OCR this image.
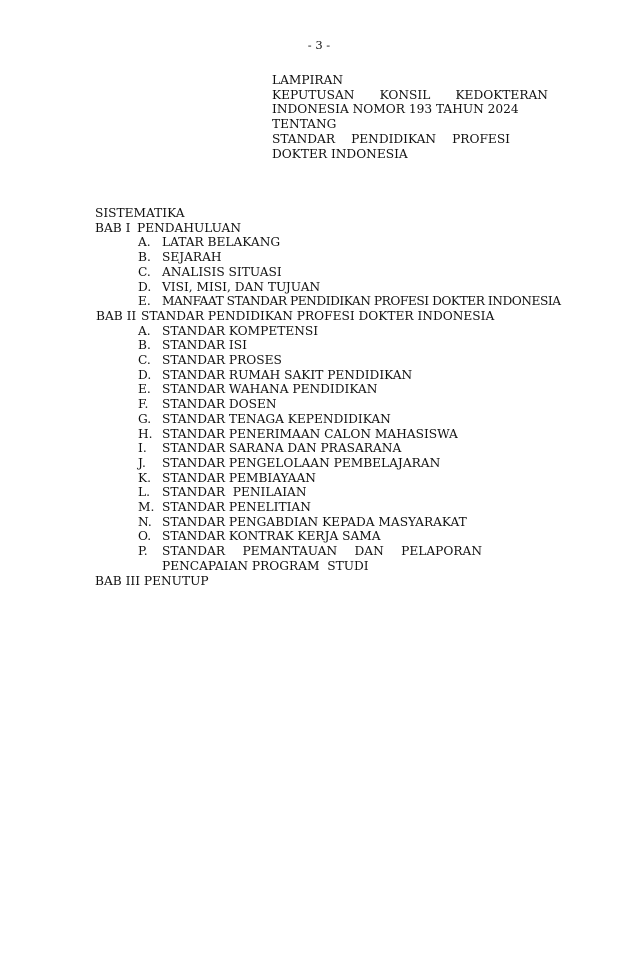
- 3 -
LAMPIRAN
KEPUTUSAN KONSIL KEDOKTERAN
INDONESIA NOMOR 193 TAHUN 2024
TENTANG
STANDAR PENDIDIKAN PROFESI
DOKTER INDONESIA
SISTEMATIKA
BAB I PENDAHULUAN
A. LATAR BELAKANG
B. SEJARAH
C. ANALISIS SITUASI
D. VISI, MISI, DAN TUJUAN
E. MANFAAT STANDAR PENDIDIKAN PROFESI DOKTER INDONESIA
BAB II STANDAR PENDIDIKAN PROFESI DOKTER INDONESIA
A. STANDAR KOMPETENSI
B. STANDAR ISI
C. STANDAR PROSES
D. STANDAR RUMAH SAKIT PENDIDIKAN
E. STANDAR WAHANA PENDIDIKAN
F.	STANDAR DOSEN
G. STANDAR TENAGA KEPENDIDIKAN
H. STANDAR PENERIMAAN CALON MAHASISWA
I.	STANDAR SARANA DAN PRASARANA
J.	STANDAR PENGELOLAAN PEMBELAJARAN
K. STANDAR PEMBIAYAAN
L. STANDAR  PENILAIAN
M. STANDAR PENELITIAN
N. STANDAR PENGABDIAN KEPADA MASYARAKAT
O. STANDAR KONTRAK KERJA SAMA
P.	STANDAR PEMANTAUAN DAN PELAPORAN
PENCAPAIAN PROGRAM  STUDI
BAB III PENUTUP
